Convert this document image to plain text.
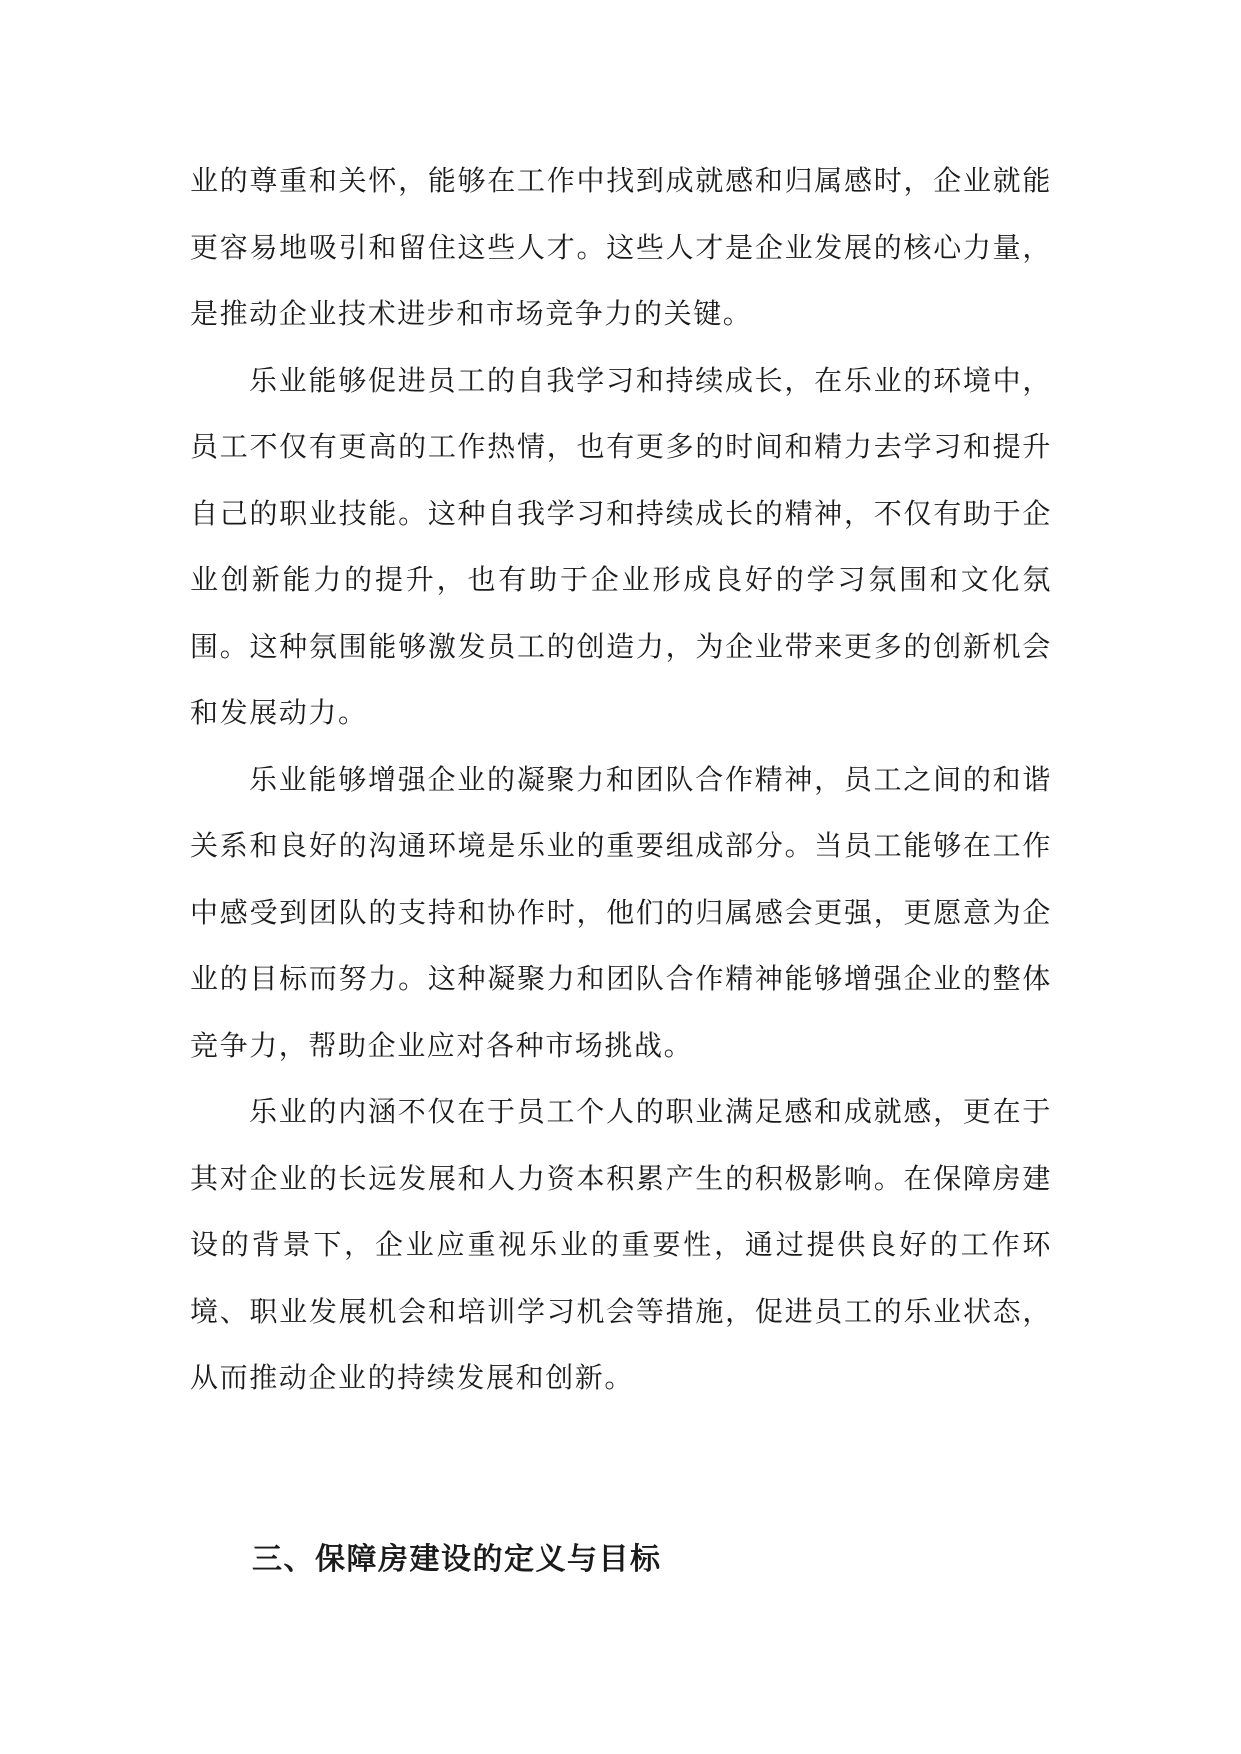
业的尊重和关怀，能够在工作中找到成就感和归属感时，企业就能更容易地吸引和留住这些人才。这些人才是企业发展的核心力量，是推动企业技术进步和市场竞争力的关键。

乐业能够促进员工的自我学习和持续成长，在乐业的环境中，员工不仅有更高的工作热情，也有更多的时间和精力去学习和提升自己的职业技能。这种自我学习和持续成长的精神，不仅有助于企业创新能力的提升，也有助于企业形成良好的学习氛围和文化氛围。这种氛围能够激发员工的创造力，为企业带来更多的创新机会和发展动力。

乐业能够增强企业的凝聚力和团队合作精神，员工之间的和谐关系和良好的沟通环境是乐业的重要组成部分。当员工能够在工作中感受到团队的支持和协作时，他们的归属感会更强，更愿意为企业的目标而努力。这种凝聚力和团队合作精神能够增强企业的整体竞争力，帮助企业应对各种市场挑战。

乐业的内涵不仅在于员工个人的职业满足感和成就感，更在于其对企业的长远发展和人力资本积累产生的积极影响。在保障房建设的背景下，企业应重视乐业的重要性，通过提供良好的工作环境、职业发展机会和培训学习机会等措施，促进员工的乐业状态，从而推动企业的持续发展和创新。

三、保障房建设的定义与目标
